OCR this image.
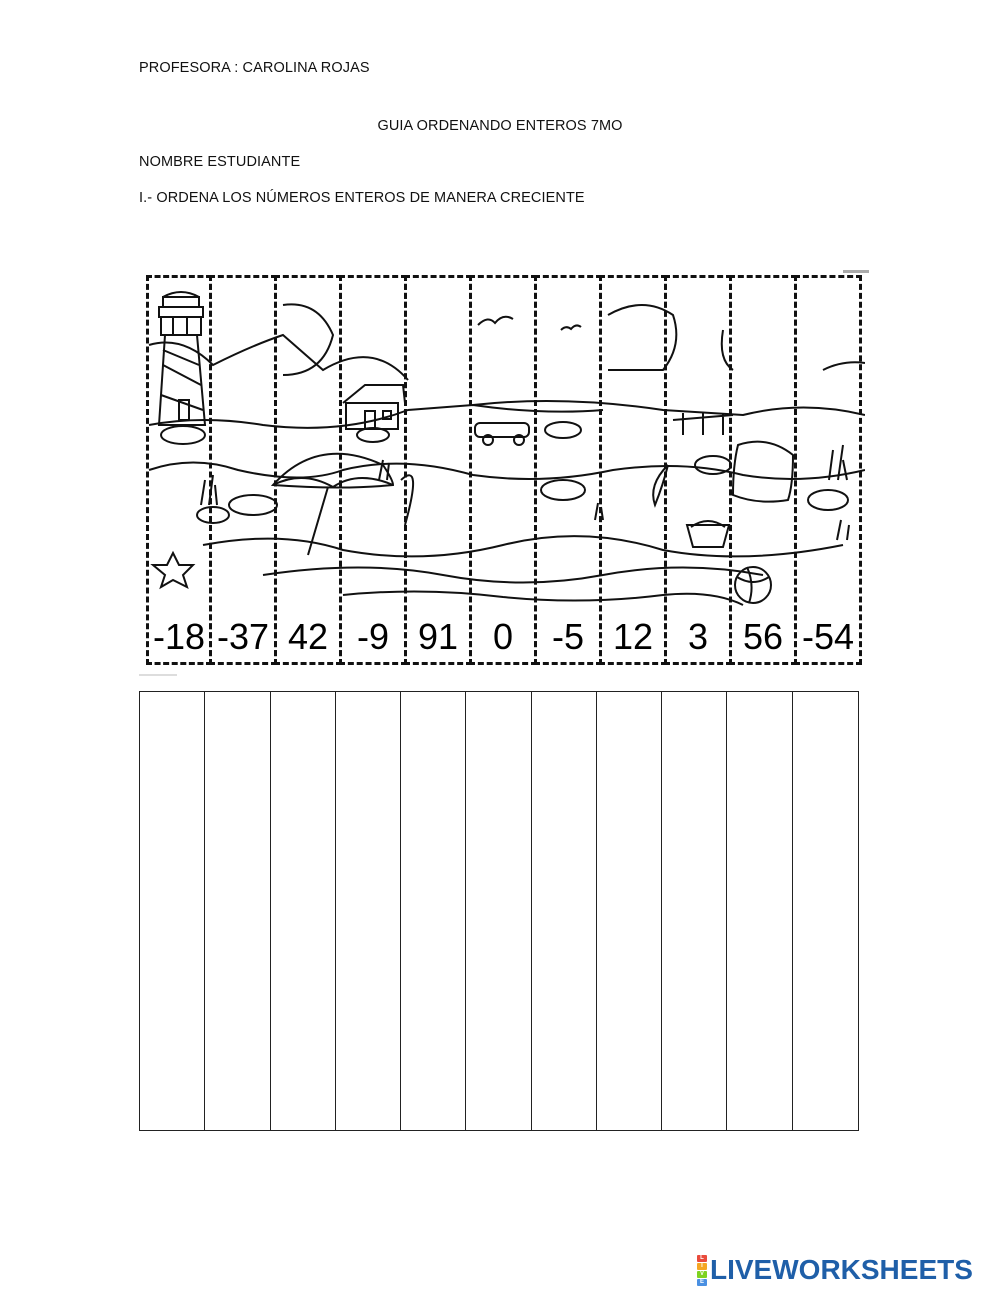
PROFESORA : CAROLINA ROJAS
GUIA ORDENANDO ENTEROS 7MO
NOMBRE ESTUDIANTE
I.- ORDENA LOS NÚMEROS ENTEROS DE MANERA CRECIENTE
-18 -37 42 -9 91 0	-5 12 3 56 -54
L
I
V
E LIVEWORKSHEETS
